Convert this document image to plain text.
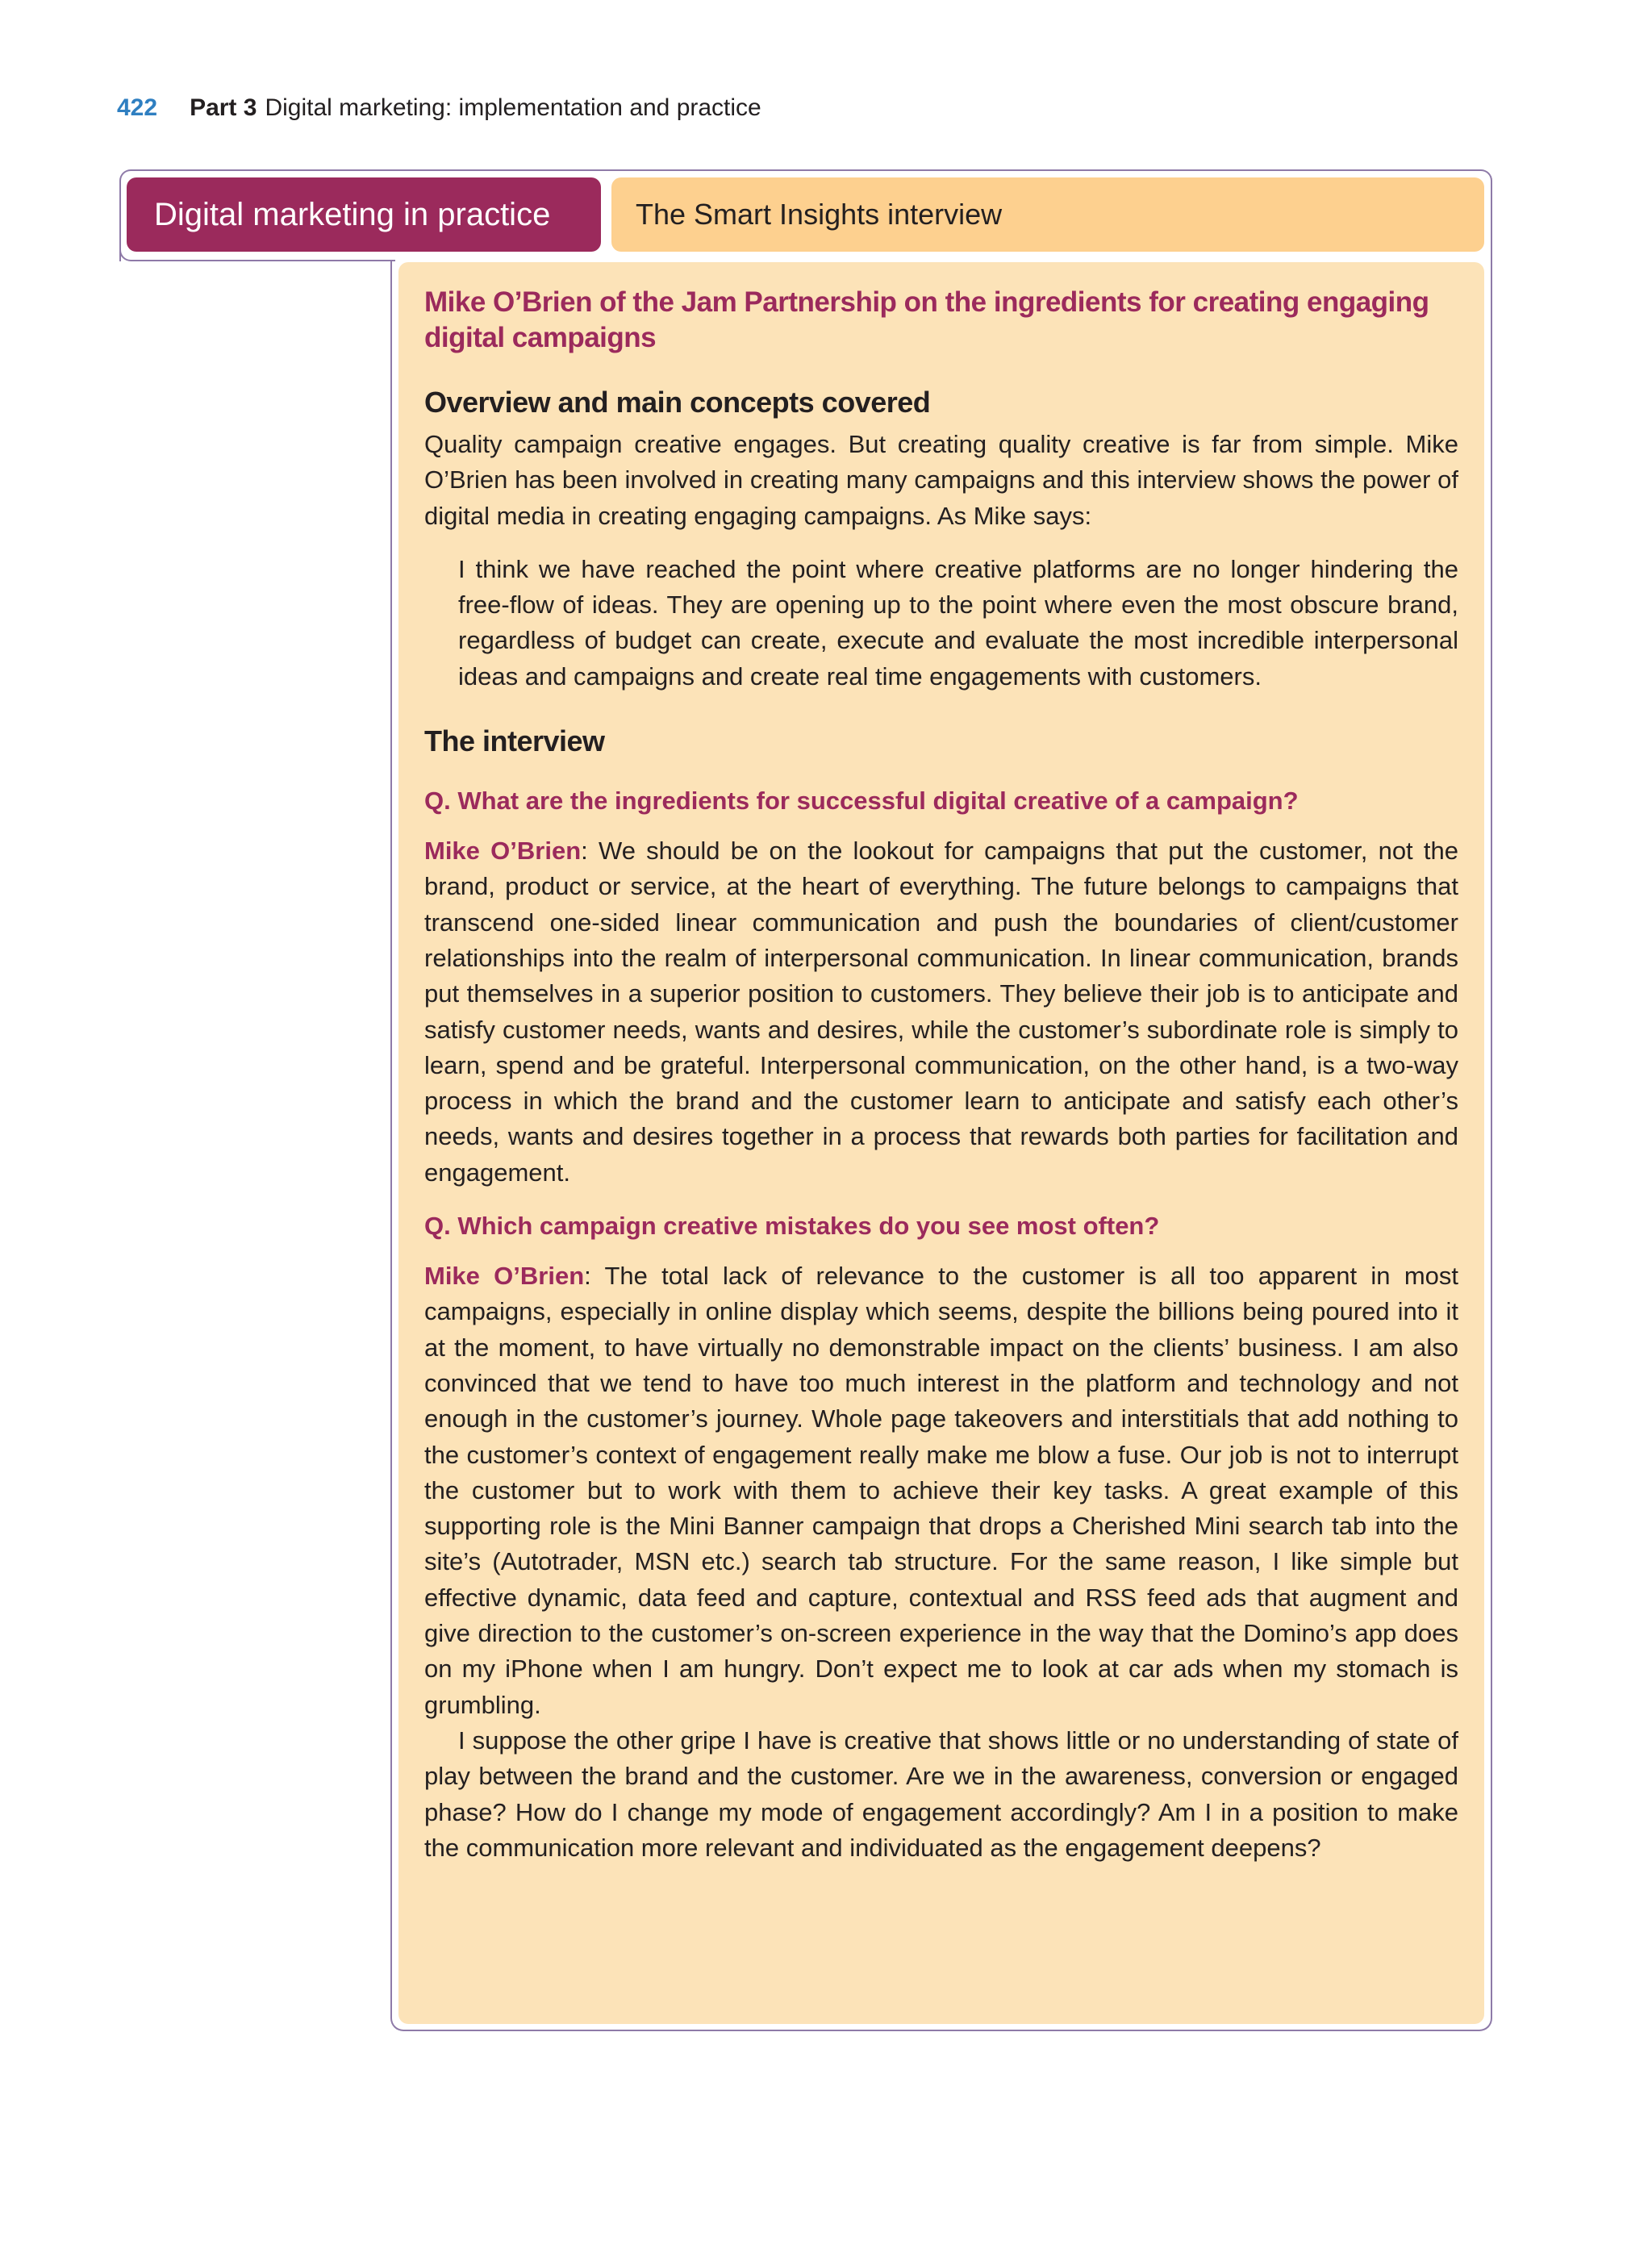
422 Part 3 Digital marketing: implementation and practice
Digital marketing in practice	The Smart Insights interview
Mike O’Brien of the Jam Partnership on the ingredients for creating engaging digital campaigns
Overview and main concepts covered

Quality campaign creative engages. But creating quality creative is far from simple. Mike O’Brien has been involved in creating many campaigns and this interview shows the power of digital media in creating engaging campaigns. As Mike says:

I think we have reached the point where creative platforms are no longer hindering the free-flow of ideas. They are opening up to the point where even the most obscure brand, regardless of budget can create, execute and evaluate the most incredible interpersonal ideas and campaigns and create real time engagements with customers.

The interview
Q. What are the ingredients for successful digital creative of a campaign?

Mike O’Brien: We should be on the lookout for campaigns that put the customer, not the brand, product or service, at the heart of everything. The future belongs to campaigns that transcend one-sided linear communication and push the boundaries of client/customer relationships into the realm of interpersonal communication. In linear communication, brands put themselves in a superior position to customers. They believe their job is to anticipate and satisfy customer needs, wants and desires, while the customer’s subordinate role is simply to learn, spend and be grateful. Interpersonal communication, on the other hand, is a two-way process in which the brand and the customer learn to anticipate and satisfy each other’s needs, wants and desires together in a process that rewards both parties for facilitation and engagement.

Q. Which campaign creative mistakes do you see most often?

Mike O’Brien: The total lack of relevance to the customer is all too apparent in most campaigns, especially in online display which seems, despite the billions being poured into it at the moment, to have virtually no demonstrable impact on the clients’ business. I am also convinced that we tend to have too much interest in the platform and technology and not enough in the customer’s journey. Whole page takeovers and interstitials that add nothing to the customer’s context of engagement really make me blow a fuse. Our job is not to interrupt the customer but to work with them to achieve their key tasks. A great example of this supporting role is the Mini Banner campaign that drops a Cherished Mini search tab into the site’s (Autotrader, MSN etc.) search tab structure. For the same reason, I like simple but effective dynamic, data feed and capture, contextual and RSS feed ads that augment and give direction to the customer’s on-screen experience in the way that the Domino’s app does on my iPhone when I am hungry. Don’t expect me to look at car ads when my stomach is grumbling.

I suppose the other gripe I have is creative that shows little or no understanding of state of play between the brand and the customer. Are we in the awareness, conversion or engaged phase? How do I change my mode of engagement accordingly? Am I in a position to make the communication more relevant and individuated as the engagement deepens?
